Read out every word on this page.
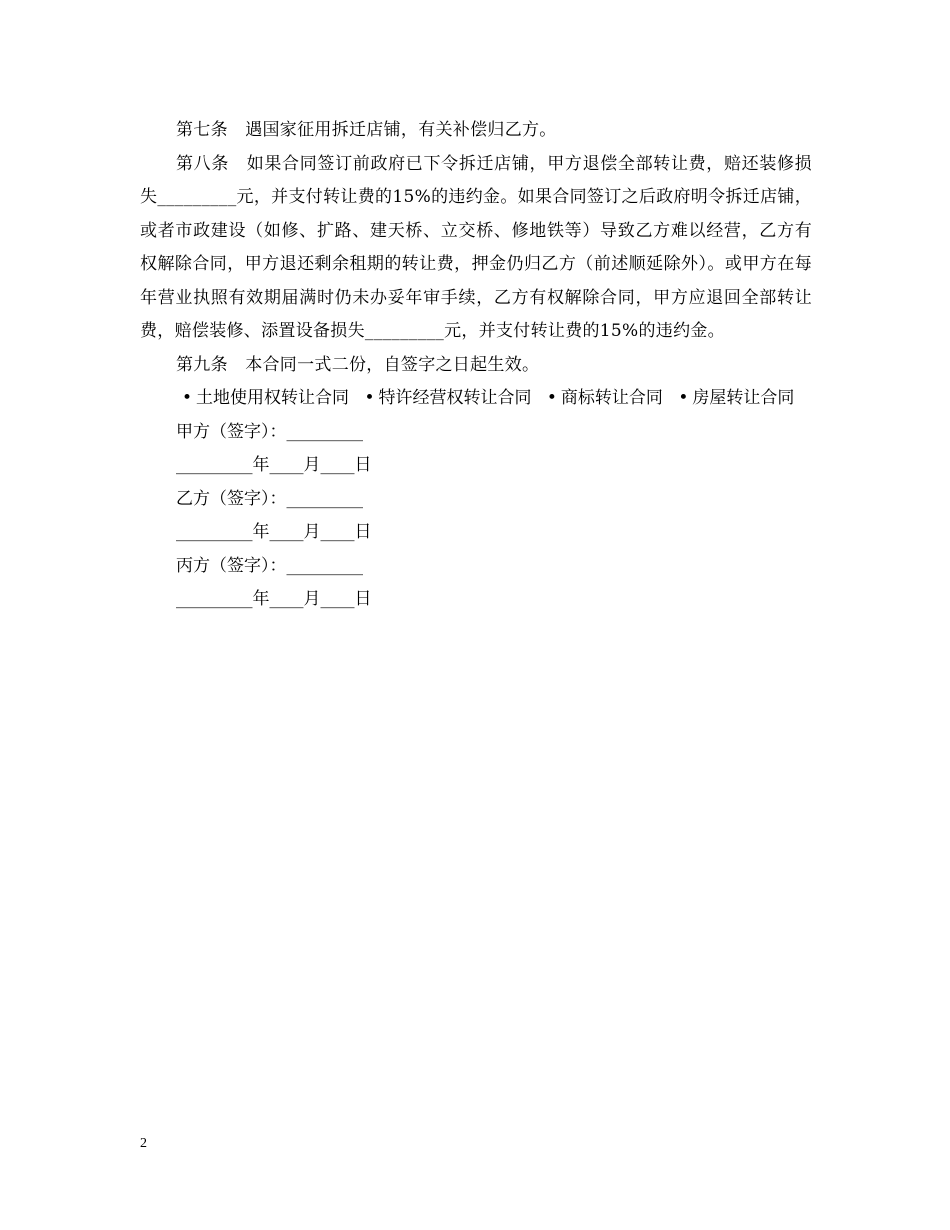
第七条　遇国家征用拆迁店铺，有关补偿归乙方。

第八条　如果合同签订前政府已下令拆迁店铺，甲方退偿全部转让费，赔还装修损失_________元，并支付转让费的15%的违约金。如果合同签订之后政府明令拆迁店铺，或者市政建设（如修、扩路、建天桥、立交桥、修地铁等）导致乙方难以经营，乙方有权解除合同，甲方退还剩余租期的转让费，押金仍归乙方（前述顺延除外）。或甲方在每年营业执照有效期届满时仍未办妥年审手续，乙方有权解除合同，甲方应退回全部转让费，赔偿装修、添置设备损失_________元，并支付转让费的15%的违约金。

第九条　本合同一式二份，自签字之日起生效。

• 土地使用权转让合同 • 特许经营权转让合同 • 商标转让合同 • 房屋转让合同

甲方（签字）：_________

_________年____月____日

乙方（签字）：_________

_________年____月____日

丙方（签字）：_________

_________年____月____日

2
